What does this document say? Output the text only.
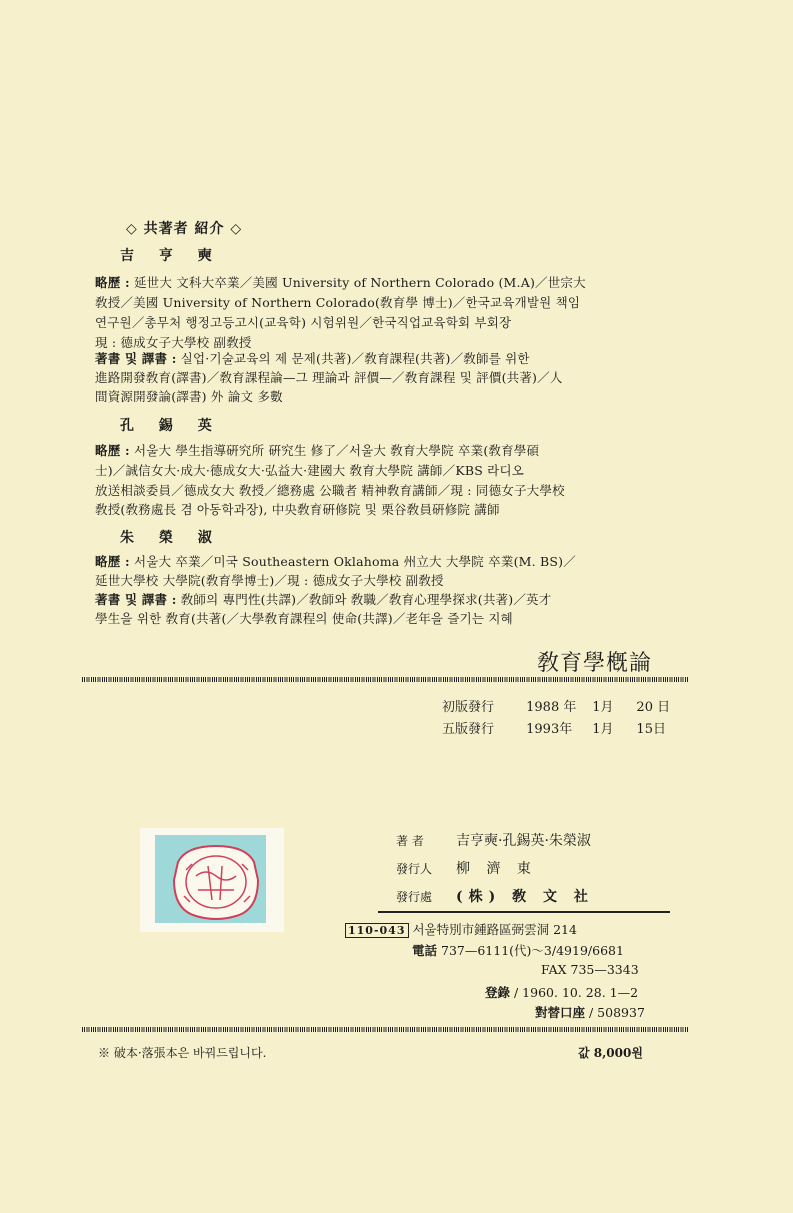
◇ 共著者 紹介 ◇
吉 亨 奭
略歷 : 延世大 文科大卒業／美國 University of Northern Colorado (M.A)／世宗大
敎授／美國 University of Northern Colorado(敎育學 博士)／한국교육개발원 책임
연구원／총무처 행정고등고시(교육학) 시험위원／한국직업교육학회 부회장
現 : 德成女子大學校 副敎授
著書 및 譯書 : 실업·기술교육의 제 문제(共著)／敎育課程(共著)／敎師를 위한
進路開發敎育(譯書)／敎育課程論—그 理論과 評價—／敎育課程 및 評價(共著)／人
間資源開發論(譯書) 外 論文 多數
孔 錫 英
略歷 : 서울大 學生指導硏究所 硏究生 修了／서울大 敎育大學院 卒業(敎育學碩
士)／誠信女大·成大·德成女大·弘益大·建國大 敎育大學院 講師／KBS 라디오
放送相談委員／德成女大 敎授／總務處 公職者 精神敎育講師／現 : 同德女子大學校
敎授(敎務處長 겸 아동학과장), 中央敎育硏修院 및 栗谷敎員硏修院 講師
朱 榮 淑
略歷 : 서울大 卒業／미국 Southeastern Oklahoma 州立大 大學院 卒業(M. BS)／
延世大學校 大學院(敎育學博士)／現 : 德成女子大學校 副敎授
著書 및 譯書 : 敎師의 專門性(共譯)／敎師와 敎職／敎育心理學探求(共著)／英才
學生을 위한 敎育(共著(／大學敎育課程의 使命(共譯)／老年을 즐기는 지혜
敎育學槪論
初版發行 1988 年 1月 20 日
五版發行 1993年 1月 15日
著 者 吉亨奭·孔錫英·朱榮淑
發行人 柳 濟 東
發行處 (株) 敎 文 社
110-043 서울特別市鍾路區弼雲洞 214
電話 737—6111(代)～3/4919/6681
FAX 735—3343
登錄 / 1960. 10. 28. 1—2
對替口座 / 508937
※ 破本·落張本은 바꿔드립니다.	값 8,000원
